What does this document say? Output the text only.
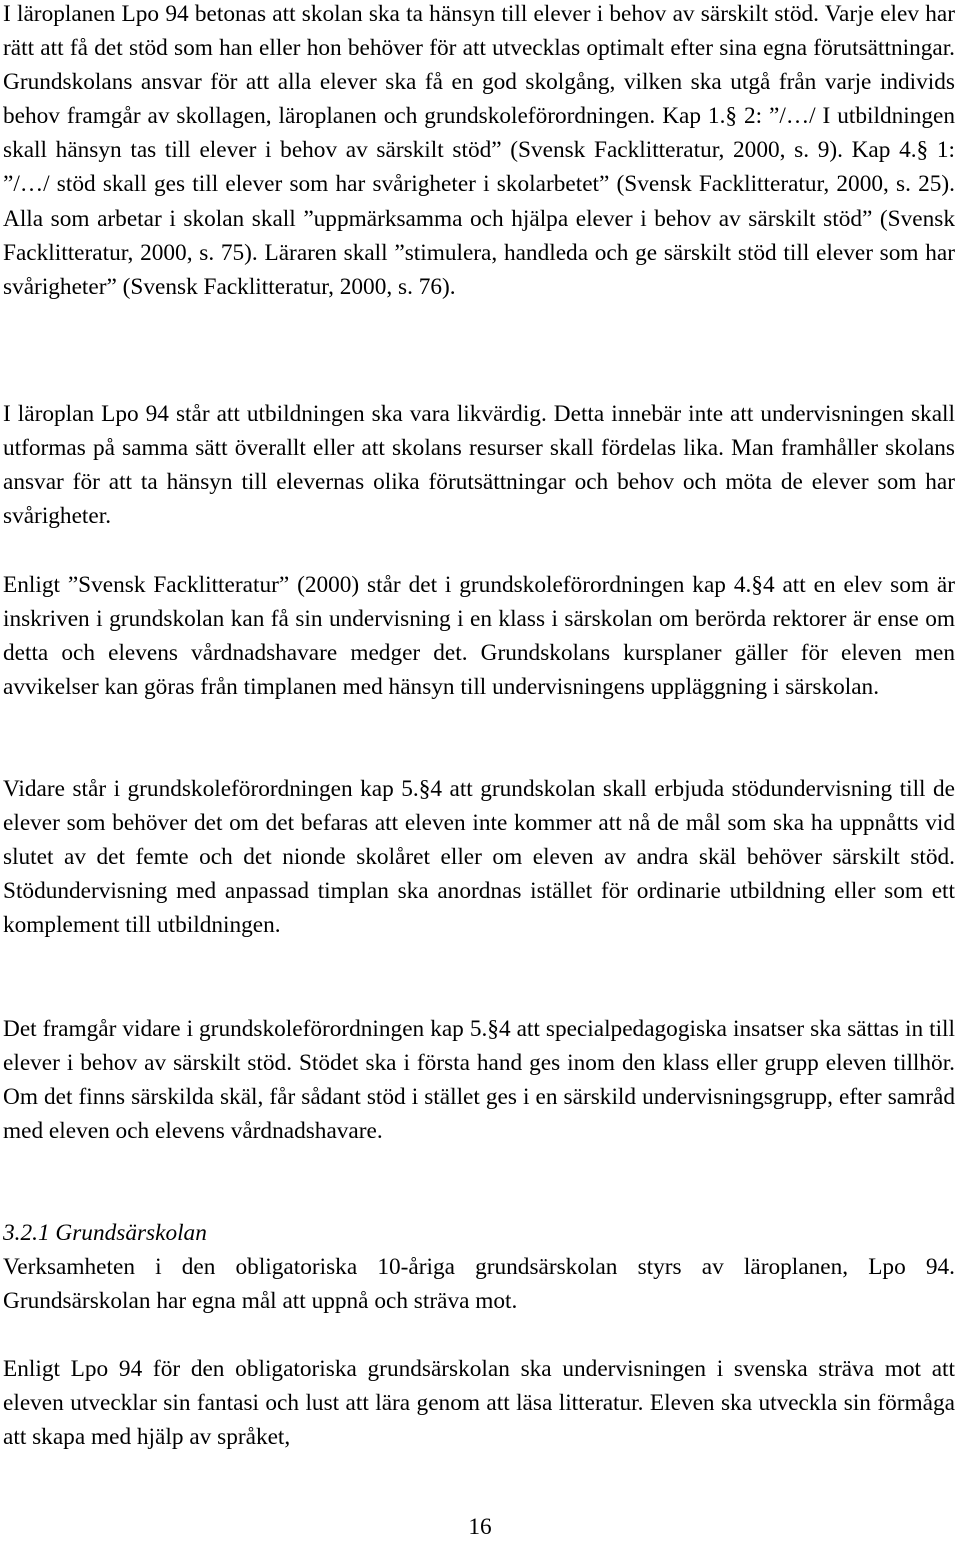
I läroplanen Lpo 94 betonas att skolan ska ta hänsyn till elever i behov av särskilt stöd. Varje elev har rätt att få det stöd som han eller hon behöver för att utvecklas optimalt efter sina egna förutsättningar. Grundskolans ansvar för att alla elever ska få en god skolgång, vilken ska utgå från varje individs behov framgår av skollagen, läroplanen och grundskoleförordningen. Kap 1.§ 2: ”/…/ I utbildningen skall hänsyn tas till elever i behov av särskilt stöd” (Svensk Facklitteratur, 2000, s. 9). Kap 4.§ 1: ”/…/ stöd skall ges till elever som har svårigheter i skolarbetet” (Svensk Facklitteratur, 2000, s. 25). Alla som arbetar i skolan skall ”uppmärksamma och hjälpa elever i behov av särskilt stöd” (Svensk Facklitteratur, 2000, s. 75). Läraren skall ”stimulera, handleda och ge särskilt stöd till elever som har svårigheter” (Svensk Facklitteratur, 2000, s. 76).

I läroplan Lpo 94 står att utbildningen ska vara likvärdig. Detta innebär inte att undervisningen skall utformas på samma sätt överallt eller att skolans resurser skall fördelas lika. Man framhåller skolans ansvar för att ta hänsyn till elevernas olika förutsättningar och behov och möta de elever som har svårigheter.

Enligt ”Svensk Facklitteratur” (2000) står det i grundskoleförordningen kap 4.§4 att en elev som är inskriven i grundskolan kan få sin undervisning i en klass i särskolan om berörda rektorer är ense om detta och elevens vårdnadshavare medger det. Grundskolans kursplaner gäller för eleven men avvikelser kan göras från timplanen med hänsyn till undervisningens uppläggning i särskolan.

Vidare står i grundskoleförordningen kap 5.§4 att grundskolan skall erbjuda stödundervisning till de elever som behöver det om det befaras att eleven inte kommer att nå de mål som ska ha uppnåtts vid slutet av det femte och det nionde skolåret eller om eleven av andra skäl behöver särskilt stöd. Stödundervisning med anpassad timplan ska anordnas istället för ordinarie utbildning eller som ett komplement till utbildningen.

Det framgår vidare i grundskoleförordningen kap 5.§4 att specialpedagogiska insatser ska sättas in till elever i behov av särskilt stöd. Stödet ska i första hand ges inom den klass eller grupp eleven tillhör. Om det finns särskilda skäl, får sådant stöd i stället ges i en särskild undervisningsgrupp, efter samråd med eleven och elevens vårdnadshavare.

3.2.1 Grundsärskolan

Verksamheten i den obligatoriska 10-åriga grundsärskolan styrs av läroplanen, Lpo 94. Grundsärskolan har egna mål att uppnå och sträva mot.

Enligt Lpo 94 för den obligatoriska grundsärskolan ska undervisningen i svenska sträva mot att eleven utvecklar sin fantasi och lust att lära genom att läsa litteratur. Eleven ska utveckla sin förmåga att skapa med hjälp av språket,

16
